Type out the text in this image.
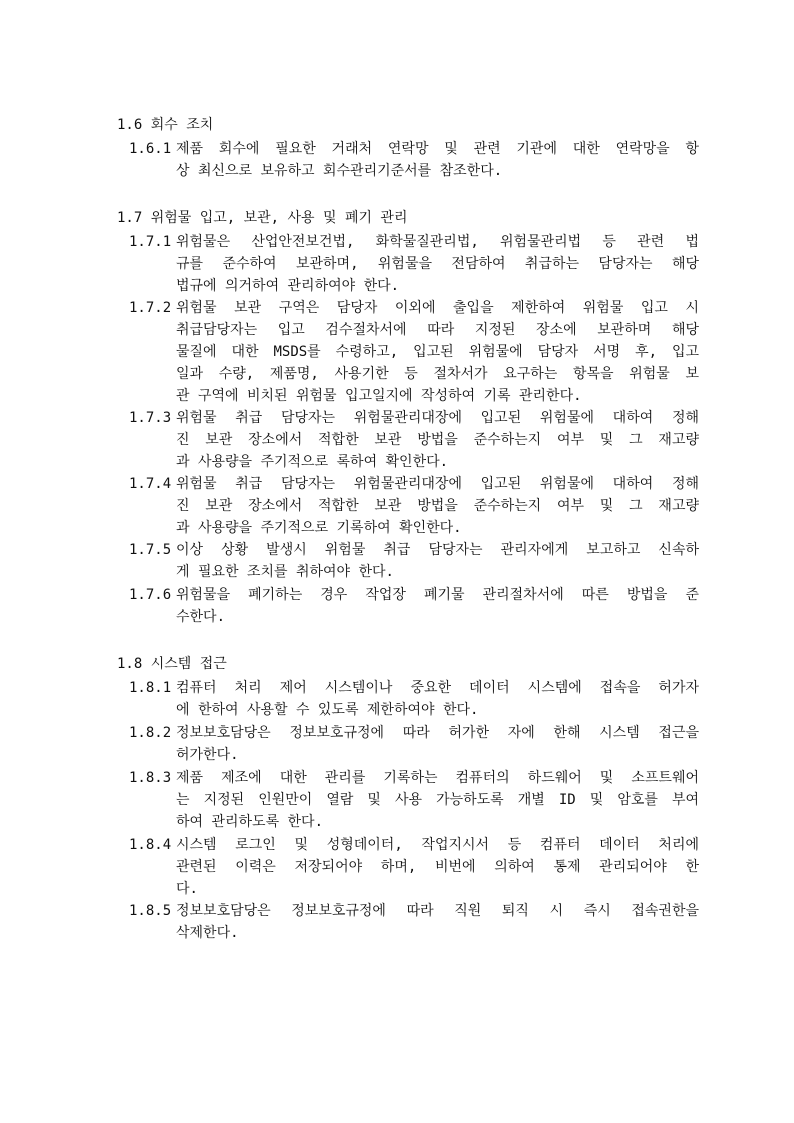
1.6 회수 조치
1.6.1 제품 회수에 필요한 거래처 연락망 및 관련 기관에 대한 연락망을 항
상 최신으로 보유하고 회수관리기준서를 참조한다.
1.7 위험물 입고, 보관, 사용 및 폐기 관리
1.7.1 위험물은 산업안전보건법, 화학물질관리법, 위험물관리법 등 관련 법
규를 준수하여 보관하며, 위험물을 전담하여 취급하는 담당자는 해당
법규에 의거하여 관리하여야 한다.
1.7.2 위험물 보관 구역은 담당자 이외에 출입을 제한하여 위험물 입고 시
취급담당자는 입고 검수절차서에 따라 지정된 장소에 보관하며 해당
물질에 대한 MSDS를 수령하고, 입고된 위험물에 담당자 서명 후, 입고
일과 수량, 제품명, 사용기한 등 절차서가 요구하는 항목을 위험물 보
관 구역에 비치된 위험물 입고일지에 작성하여 기록 관리한다.
1.7.3 위험물 취급 담당자는 위험물관리대장에 입고된 위험물에 대하여 정해
진 보관 장소에서 적합한 보관 방법을 준수하는지 여부 및 그 재고량
과 사용량을 주기적으로 록하여 확인한다.
1.7.4 위험물 취급 담당자는 위험물관리대장에 입고된 위험물에 대하여 정해
진 보관 장소에서 적합한 보관 방법을 준수하는지 여부 및 그 재고량
과 사용량을 주기적으로 기록하여 확인한다.
1.7.5 이상 상황 발생시 위험물 취급 담당자는 관리자에게 보고하고 신속하
게 필요한 조치를 취하여야 한다.
1.7.6 위험물을 폐기하는 경우 작업장 폐기물 관리절차서에 따른 방법을 준
수한다.
1.8 시스템 접근
1.8.1 컴퓨터 처리 제어 시스템이나 중요한 데이터 시스템에 접속을 허가자
에 한하여 사용할 수 있도록 제한하여야 한다.
1.8.2 정보보호담당은 정보보호규정에 따라 허가한 자에 한해 시스템 접근을
허가한다.
1.8.3 제품 제조에 대한 관리를 기록하는 컴퓨터의 하드웨어 및 소프트웨어
는 지정된 인원만이 열람 및 사용 가능하도록 개별 ID 및 암호를 부여
하여 관리하도록 한다.
1.8.4 시스템 로그인 및 성형데이터, 작업지시서 등 컴퓨터 데이터 처리에
관련된 이력은 저장되어야 하며, 비번에 의하여 통제 관리되어야 한
다.
1.8.5 정보보호담당은 정보보호규정에 따라 직원 퇴직 시 즉시 접속권한을
삭제한다.
